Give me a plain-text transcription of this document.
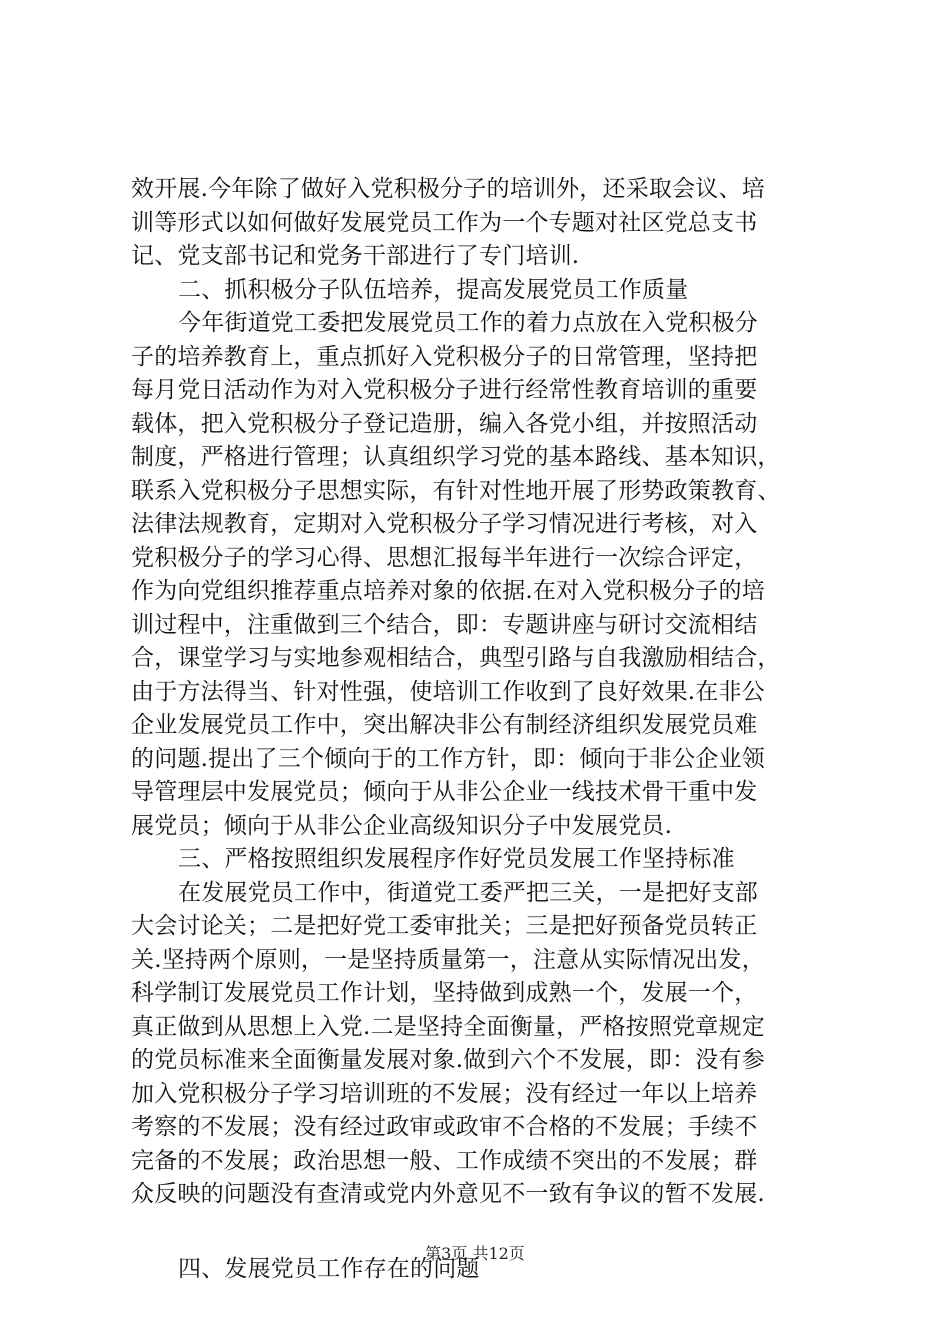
效开展.今年除了做好入党积极分子的培训外，还采取会议、培
训等形式以如何做好发展党员工作为一个专题对社区党总支书
记、党支部书记和党务干部进行了专门培训.
二、抓积极分子队伍培养，提高发展党员工作质量
今年街道党工委把发展党员工作的着力点放在入党积极分
子的培养教育上，重点抓好入党积极分子的日常管理，坚持把
每月党日活动作为对入党积极分子进行经常性教育培训的重要
载体，把入党积极分子登记造册，编入各党小组，并按照活动
制度，严格进行管理；认真组织学习党的基本路线、基本知识，
联系入党积极分子思想实际，有针对性地开展了形势政策教育、
法律法规教育，定期对入党积极分子学习情况进行考核，对入
党积极分子的学习心得、思想汇报每半年进行一次综合评定，
作为向党组织推荐重点培养对象的依据.在对入党积极分子的培
训过程中，注重做到三个结合，即：专题讲座与研讨交流相结
合，课堂学习与实地参观相结合，典型引路与自我激励相结合，
由于方法得当、针对性强，使培训工作收到了良好效果.在非公
企业发展党员工作中，突出解决非公有制经济组织发展党员难
的问题.提出了三个倾向于的工作方针，即：倾向于非公企业领
导管理层中发展党员；倾向于从非公企业一线技术骨干重中发
展党员；倾向于从非公企业高级知识分子中发展党员.
三、严格按照组织发展程序作好党员发展工作坚持标准
在发展党员工作中，街道党工委严把三关，一是把好支部
大会讨论关；二是把好党工委审批关；三是把好预备党员转正
关.坚持两个原则，一是坚持质量第一，注意从实际情况出发，
科学制订发展党员工作计划，坚持做到成熟一个，发展一个，
真正做到从思想上入党.二是坚持全面衡量，严格按照党章规定
的党员标准来全面衡量发展对象.做到六个不发展，即：没有参
加入党积极分子学习培训班的不发展；没有经过一年以上培养
考察的不发展；没有经过政审或政审不合格的不发展；手续不
完备的不发展；政治思想一般、工作成绩不突出的不发展；群
众反映的问题没有查清或党内外意见不一致有争议的暂不发展.
四、发展党员工作存在的问题
第3页 共12页
